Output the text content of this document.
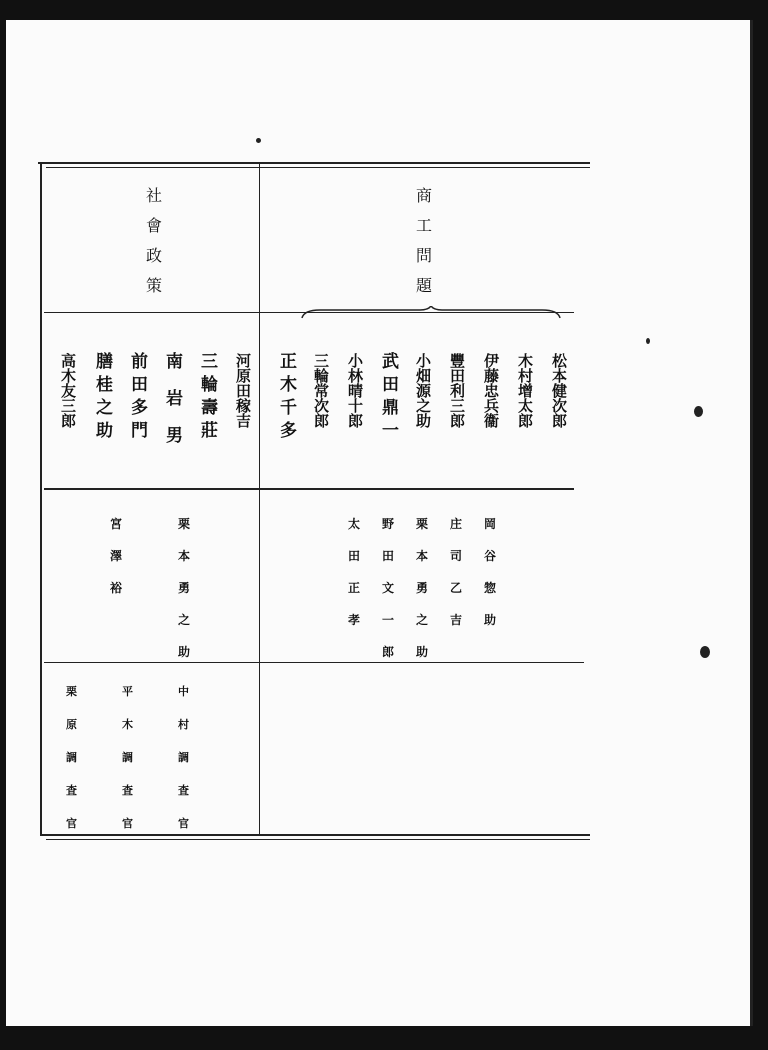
社
會
政
策
商
工
問
題
松
本
健
次
郎
木
村
增
太
郎
伊
藤
忠
兵
衞
豐
田
利
三
郎
小
畑
源
之
助
武
田
鼎
一
小
林
晴
十
郎
三
輪
常
次
郎
正
木
千
多
河
原
田
稼
吉
三
輪
壽
莊
南
岩
男
前
田
多
門
膳
桂
之
助
高
木
友
三
郎
岡
谷
惣
助
庄
司
乙
吉
栗
本
勇
之
助
野
田
文
一
郎
太
田
正
孝
栗
本
勇
之
助
宮
澤
裕
中
村
調
査
官
平
木
調
査
官
栗
原
調
査
官
